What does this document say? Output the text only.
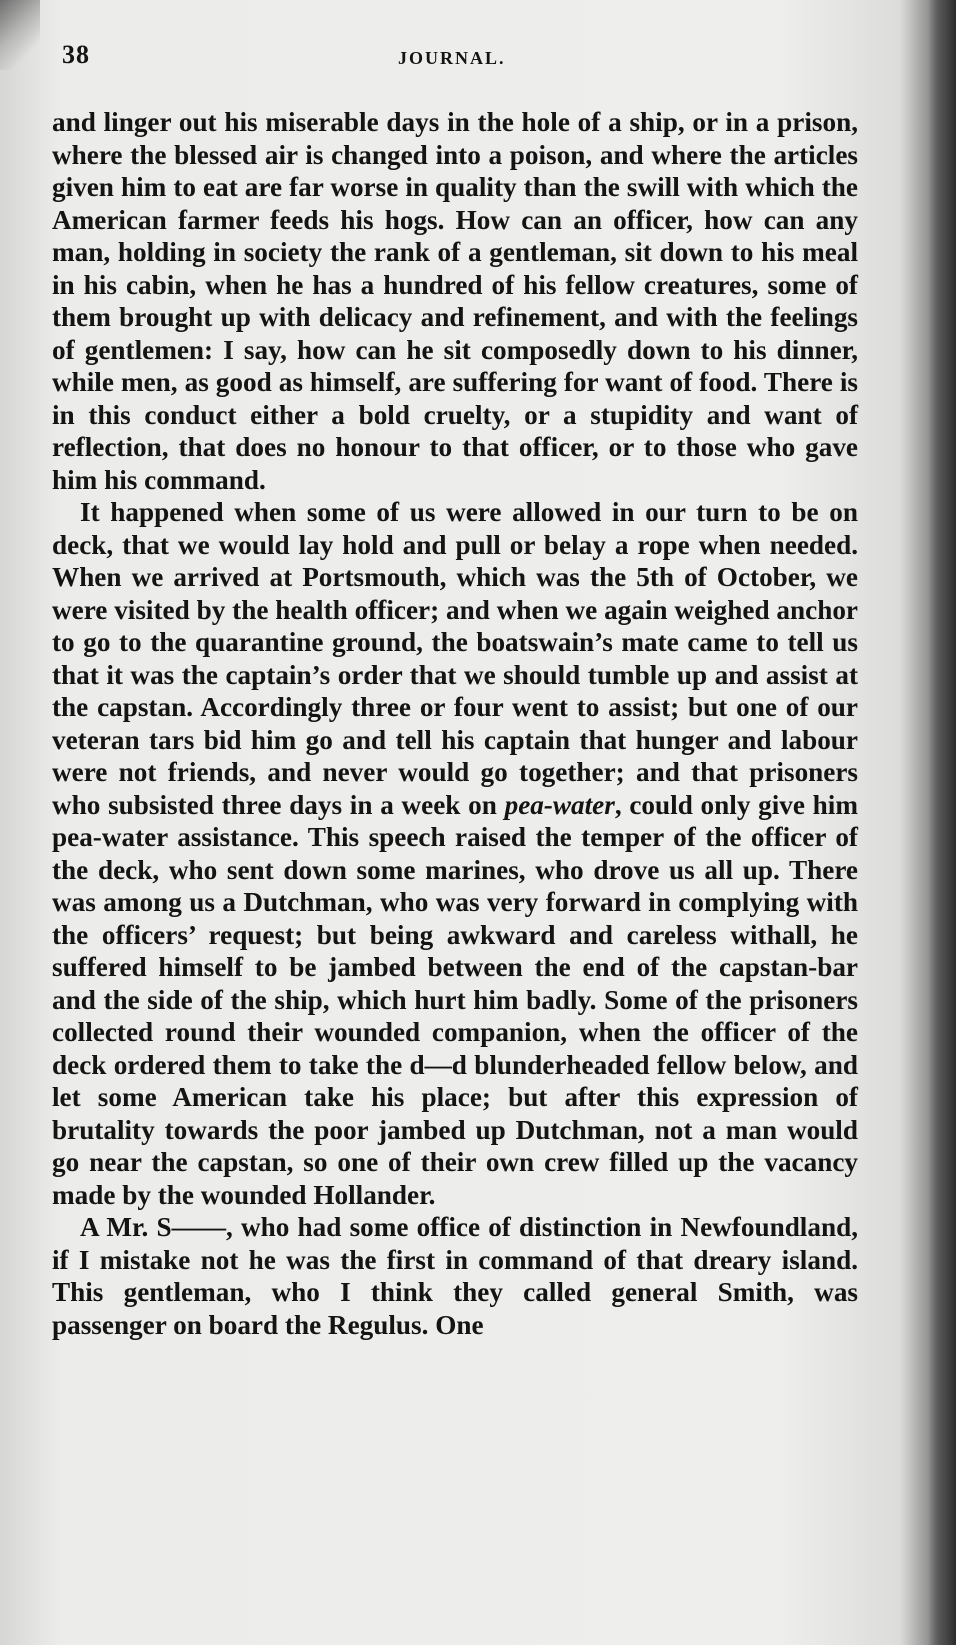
38	JOURNAL.

and linger out his miserable days in the hole of a ship, or in a prison, where the blessed air is changed into a poison, and where the articles given him to eat are far worse in quality than the swill with which the American farmer feeds his hogs. How can an officer, how can any man, holding in society the rank of a gentleman, sit down to his meal in his cabin, when he has a hundred of his fellow creatures, some of them brought up with delicacy and refinement, and with the feelings of gentlemen: I say, how can he sit composedly down to his dinner, while men, as good as himself, are suffering for want of food. There is in this conduct either a bold cruelty, or a stupidity and want of reflection, that does no honour to that officer, or to those who gave him his command.

It happened when some of us were allowed in our turn to be on deck, that we would lay hold and pull or belay a rope when needed. When we arrived at Portsmouth, which was the 5th of October, we were visited by the health officer; and when we again weighed anchor to go to the quarantine ground, the boatswain’s mate came to tell us that it was the captain’s order that we should tumble up and assist at the capstan. Accordingly three or four went to assist; but one of our veteran tars bid him go and tell his captain that hunger and labour were not friends, and never would go together; and that prisoners who subsisted three days in a week on pea-water, could only give him pea-water assistance. This speech raised the temper of the officer of the deck, who sent down some marines, who drove us all up. There was among us a Dutchman, who was very forward in complying with the officers’ request; but being awkward and careless withall, he suffered himself to be jambed between the end of the capstan-bar and the side of the ship, which hurt him badly. Some of the prisoners collected round their wounded companion, when the officer of the deck ordered them to take the d—d blunderheaded fellow below, and let some American take his place; but after this expression of brutality towards the poor jambed up Dutchman, not a man would go near the capstan, so one of their own crew filled up the vacancy made by the wounded Hollander.

A Mr. S——, who had some office of distinction in Newfoundland, if I mistake not he was the first in command of that dreary island. This gentleman, who I think they called general Smith, was passenger on board the Regulus. One
